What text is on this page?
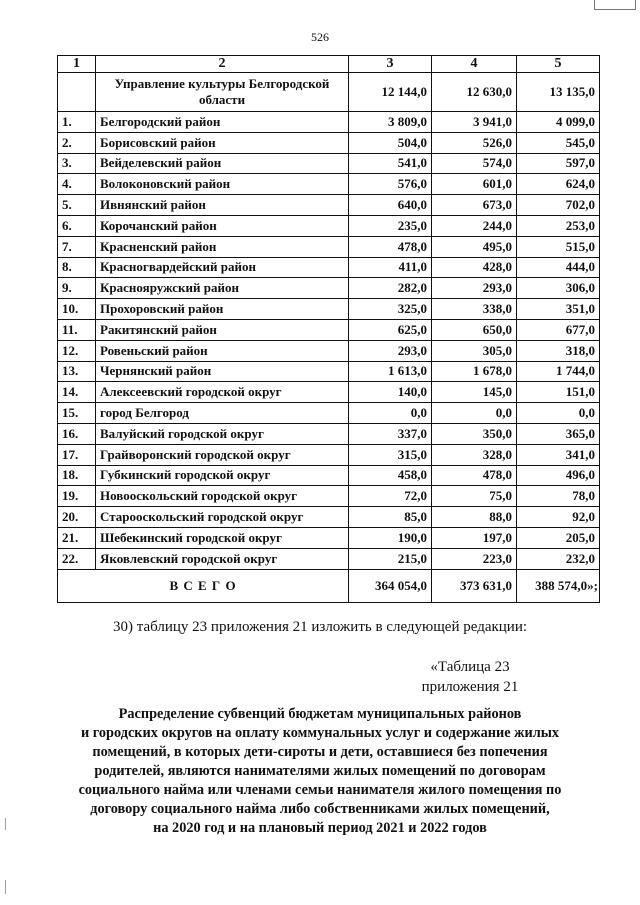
526
1	2	3	4	5
	Управление культуры Белгородской области	12 144,0	12 630,0	13 135,0
1.	Белгородский район	3 809,0	3 941,0	4 099,0
2.	Борисовский район	504,0	526,0	545,0
3.	Вейделевский район	541,0	574,0	597,0
4.	Волоконовский район	576,0	601,0	624,0
5.	Ивнянский район	640,0	673,0	702,0
6.	Корочанский район	235,0	244,0	253,0
7.	Красненский район	478,0	495,0	515,0
8.	Красногвардейский район	411,0	428,0	444,0
9.	Краснояружский район	282,0	293,0	306,0
10.	Прохоровский район	325,0	338,0	351,0
11.	Ракитянский район	625,0	650,0	677,0
12.	Ровеньский район	293,0	305,0	318,0
13.	Чернянский район	1 613,0	1 678,0	1 744,0
14.	Алексеевский городской округ	140,0	145,0	151,0
15.	город Белгород	0,0	0,0	0,0
16.	Валуйский городской округ	337,0	350,0	365,0
17.	Грайворонский городской округ	315,0	328,0	341,0
18.	Губкинский городской округ	458,0	478,0	496,0
19.	Новооскольский городской округ	72,0	75,0	78,0
20.	Старооскольский городской округ	85,0	88,0	92,0
21.	Шебекинский городской округ	190,0	197,0	205,0
22.	Яковлевский городской округ	215,0	223,0	232,0
В С Е Г О		364 054,0	373 631,0	388 574,0»;
30) таблицу 23 приложения 21 изложить в следующей редакции:
«Таблица 23
приложения 21
Распределение субвенций бюджетам муниципальных районов
и городских округов на оплату коммунальных услуг и содержание жилых
помещений, в которых дети-сироты и дети, оставшиеся без попечения
родителей, являются нанимателями жилых помещений по договорам
социального найма или членами семьи нанимателя жилого помещения по
договору социального найма либо собственниками жилых помещений,
на 2020 год и на плановый период 2021 и 2022 годов
